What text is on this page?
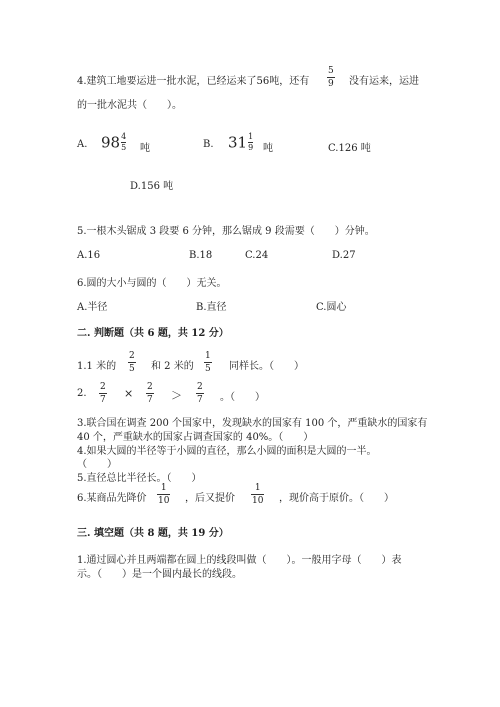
4.建筑工地要运进一批水泥，已经运来了56吨，还有
5
9 没有运来，运进
的一批水泥共（　　）。
A. $98\frac{4}{5}$ 吨	B. $31\frac{1}{9}$ 吨	C.126 吨
D.156 吨
5.一根木头锯成 3 段要 6 分钟，那么锯成 9 段需要（　　）分钟。
A.16	B.18	C.24	D.27
6.圆的大小与圆的（　　）无关。
A.半径	B.直径	C.圆心
二. 判断题（共 6 题，共 12 分）
1.1 米的
2
5 和 2 米的
1
5 同样长。（　　）
2.
2
7 × 2
7 ＞
2
7 。（　　）
3.联合国在调查 200 个国家中，发现缺水的国家有 100 个，严重缺水的国家有
40 个，严重缺水的国家占调查国家的 40%。（　　）
4.如果大圆的半径等于小圆的直径，那么小圆的面积是大圆的一半。
（　　）
5.直径总比半径长。（　　）
6.某商品先降价
1
10 ，后又提价
1
10 ，现价高于原价。（　　）
三. 填空题（共 8 题，共 19 分）
1.通过圆心并且两端都在圆上的线段叫做（　　）。一般用字母（　　）表
示。（　　）是一个圆内最长的线段。
